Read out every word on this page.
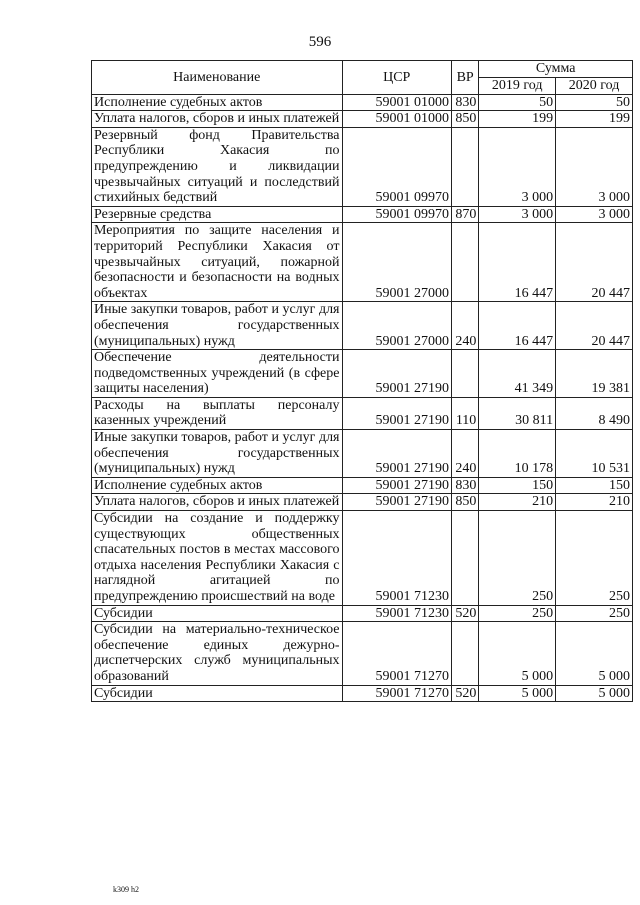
596
Наименование	ЦСР	ВР	Сумма	
			2019 год	2020 год
Исполнение судебных актов	59001 01000	830	50	50
Уплата налогов, сборов и иных платежей	59001 01000	850	199	199
Резервный фонд Правительства Республики Хакасия по предупреждению и ликвидации чрезвычайных ситуаций и последствий стихийных бедствий	59001 09970		3 000	3 000
Резервные средства	59001 09970	870	3 000	3 000
Мероприятия по защите населения и территорий Республики Хакасия от чрезвычайных ситуаций, пожарной безопасности и безопасности на водных объектах	59001 27000		16 447	20 447
Иные закупки товаров, работ и услуг для обеспечения государственных (муниципальных) нужд	59001 27000	240	16 447	20 447
Обеспечение деятельности подведомственных учреждений (в сфере защиты населения)	59001 27190		41 349	19 381
Расходы на выплаты персоналу казенных учреждений	59001 27190	110	30 811	8 490
Иные закупки товаров, работ и услуг для обеспечения государственных (муниципальных) нужд	59001 27190	240	10 178	10 531
Исполнение судебных актов	59001 27190	830	150	150
Уплата налогов, сборов и иных платежей	59001 27190	850	210	210
Субсидии на создание и поддержку существующих общественных спасательных постов в местах массового отдыха населения Республики Хакасия с наглядной агитацией по предупреждению происшествий на воде	59001 71230		250	250
Субсидии	59001 71230	520	250	250
Субсидии на материально-техническое обеспечение единых дежурно-диспетчерских служб муниципальных образований	59001 71270		5 000	5 000
Субсидии	59001 71270	520	5 000	5 000
k309 h2
